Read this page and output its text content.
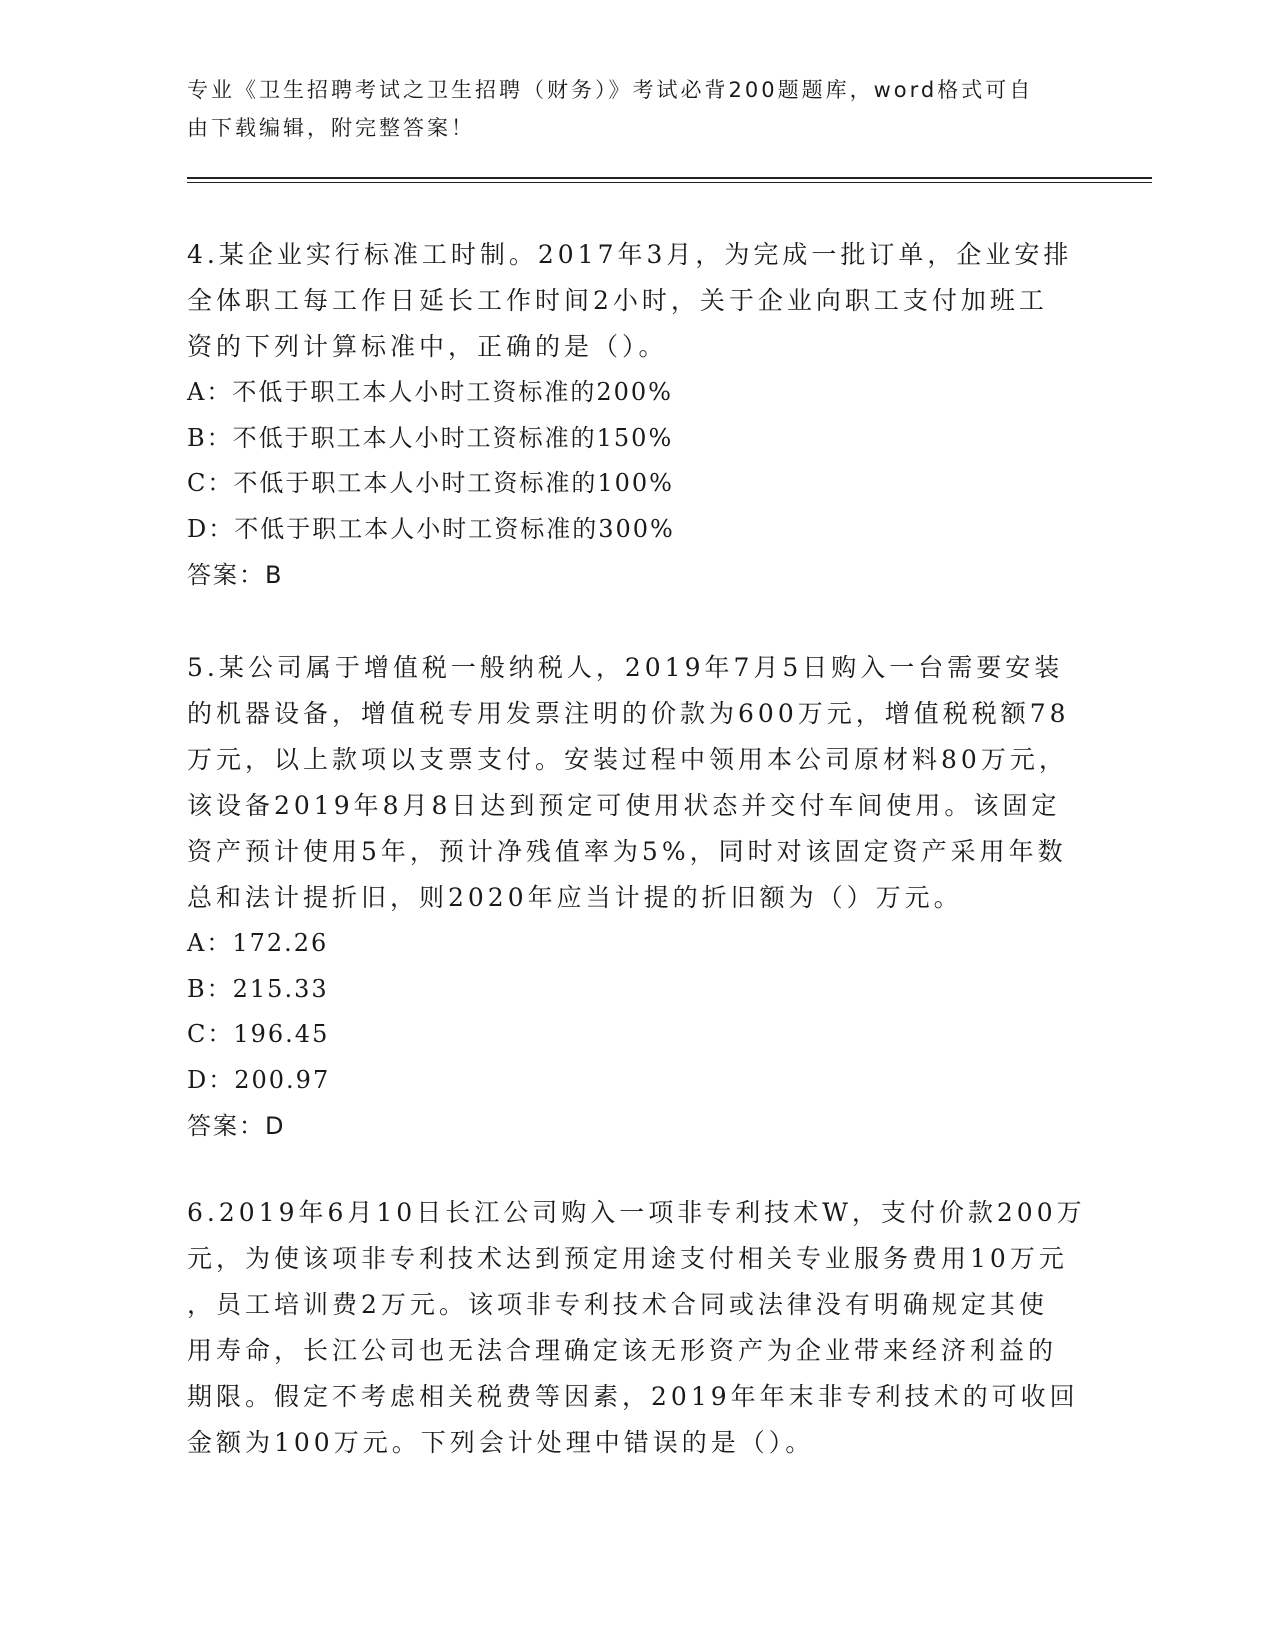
专业《卫生招聘考试之卫生招聘（财务）》考试必背200题题库，word格式可自
由下载编辑，附完整答案！
4.某企业实行标准工时制。2017年3月，为完成一批订单，企业安排
全体职工每工作日延长工作时间2小时，关于企业向职工支付加班工
资的下列计算标准中，正确的是（）。
A：不低于职工本人小时工资标准的200%
B：不低于职工本人小时工资标准的150%
C：不低于职工本人小时工资标准的100%
D：不低于职工本人小时工资标准的300%
答案：B
5.某公司属于增值税一般纳税人，2019年7月5日购入一台需要安装
的机器设备，增值税专用发票注明的价款为600万元，增值税税额78
万元，以上款项以支票支付。安装过程中领用本公司原材料80万元，
该设备2019年8月8日达到预定可使用状态并交付车间使用。该固定
资产预计使用5年，预计净残值率为5%，同时对该固定资产采用年数
总和法计提折旧，则2020年应当计提的折旧额为（）万元。
A：172.26
B：215.33
C：196.45
D：200.97
答案：D
6.2019年6月10日长江公司购入一项非专利技术W，支付价款200万
元，为使该项非专利技术达到预定用途支付相关专业服务费用10万元
，员工培训费2万元。该项非专利技术合同或法律没有明确规定其使
用寿命，长江公司也无法合理确定该无形资产为企业带来经济利益的
期限。假定不考虑相关税费等因素，2019年年末非专利技术的可收回
金额为100万元。下列会计处理中错误的是（）。
